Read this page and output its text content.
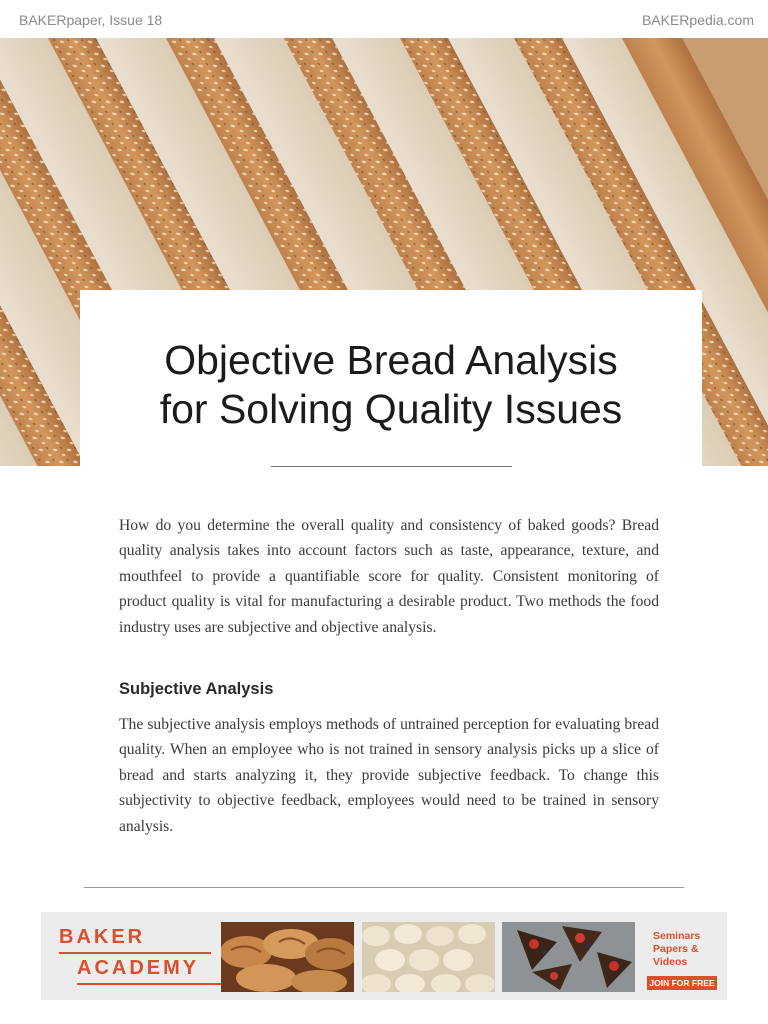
BAKERpaper, Issue 18	BAKERpedia.com
Objective Bread Analysis
for Solving Quality Issues
How do you determine the overall quality and consistency of baked goods? Bread quality analysis takes into account factors such as taste, appearance, texture, and mouthfeel to provide a quantifiable score for quality. Consistent monitoring of product quality is vital for manufacturing a desirable product. Two methods the food industry uses are subjective and objective analysis.
Subjective Analysis
The subjective analysis employs methods of untrained perception for evaluating bread quality. When an employee who is not trained in sensory analysis picks up a slice of bread and starts analyzing it, they provide subjective feedback. To change this subjectivity to objective feedback, employees would need to be trained in sensory analysis.
BAKER
ACADEMY
Seminars Papers & Videos
JOIN FOR FREE
